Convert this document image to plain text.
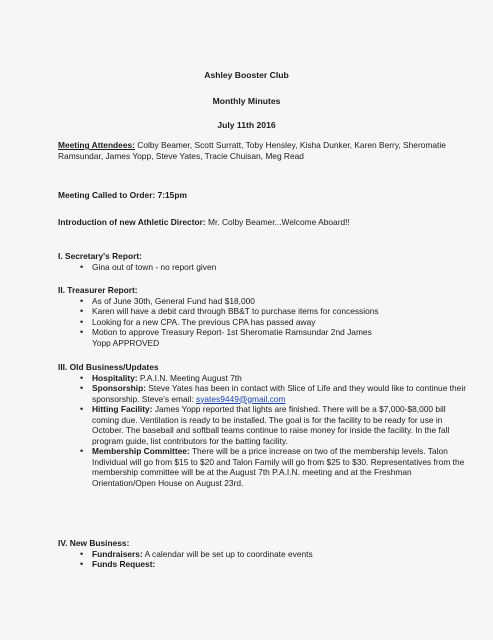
Ashley Booster Club
Monthly Minutes
July 11th 2016
Meeting Attendees: Colby Beamer, Scott Surratt, Toby Hensley, Kisha Dunker, Karen Berry, Sheromatie Ramsundar, James Yopp, Steve Yates, Tracie Chuisan, Meg Read
Meeting Called to Order: 7:15pm
Introduction of new Athletic Director: Mr. Colby Beamer...Welcome Aboard!!
I. Secretary's Report:
• Gina out of town - no report given
II. Treasurer Report:
• As of June 30th, General Fund had $18,000
• Karen will have a debit card through BB&T to purchase items for concessions
• Looking for a new CPA. The previous CPA has passed away
• Motion to approve Treasury Report- 1st Sheromatie Ramsundar 2nd James Yopp APPROVED
III. Old Business/Updates
• Hospitality: P.A.I.N. Meeting August 7th
• Sponsorship: Steve Yates has been in contact with Slice of Life and they would like to continue their sponsorship. Steve's email: syates9449@gmail.com
• Hitting Facility: James Yopp reported that lights are finished. There will be a $7,000-$8,000 bill coming due. Ventilation is ready to be installed. The goal is for the facility to be ready for use in October. The baseball and softball teams continue to raise money for inside the facility. In the fall program guide, list contributors for the batting facility.
• Membership Committee: There will be a price increase on two of the membership levels. Talon Individual will go from $15 to $20 and Talon Family will go from $25 to $30. Representatives from the membership committee will be at the August 7th P.A.I.N. meeting and at the Freshman Orientation/Open House on August 23rd.
IV. New Business:
• Fundraisers: A calendar will be set up to coordinate events
• Funds Request:
